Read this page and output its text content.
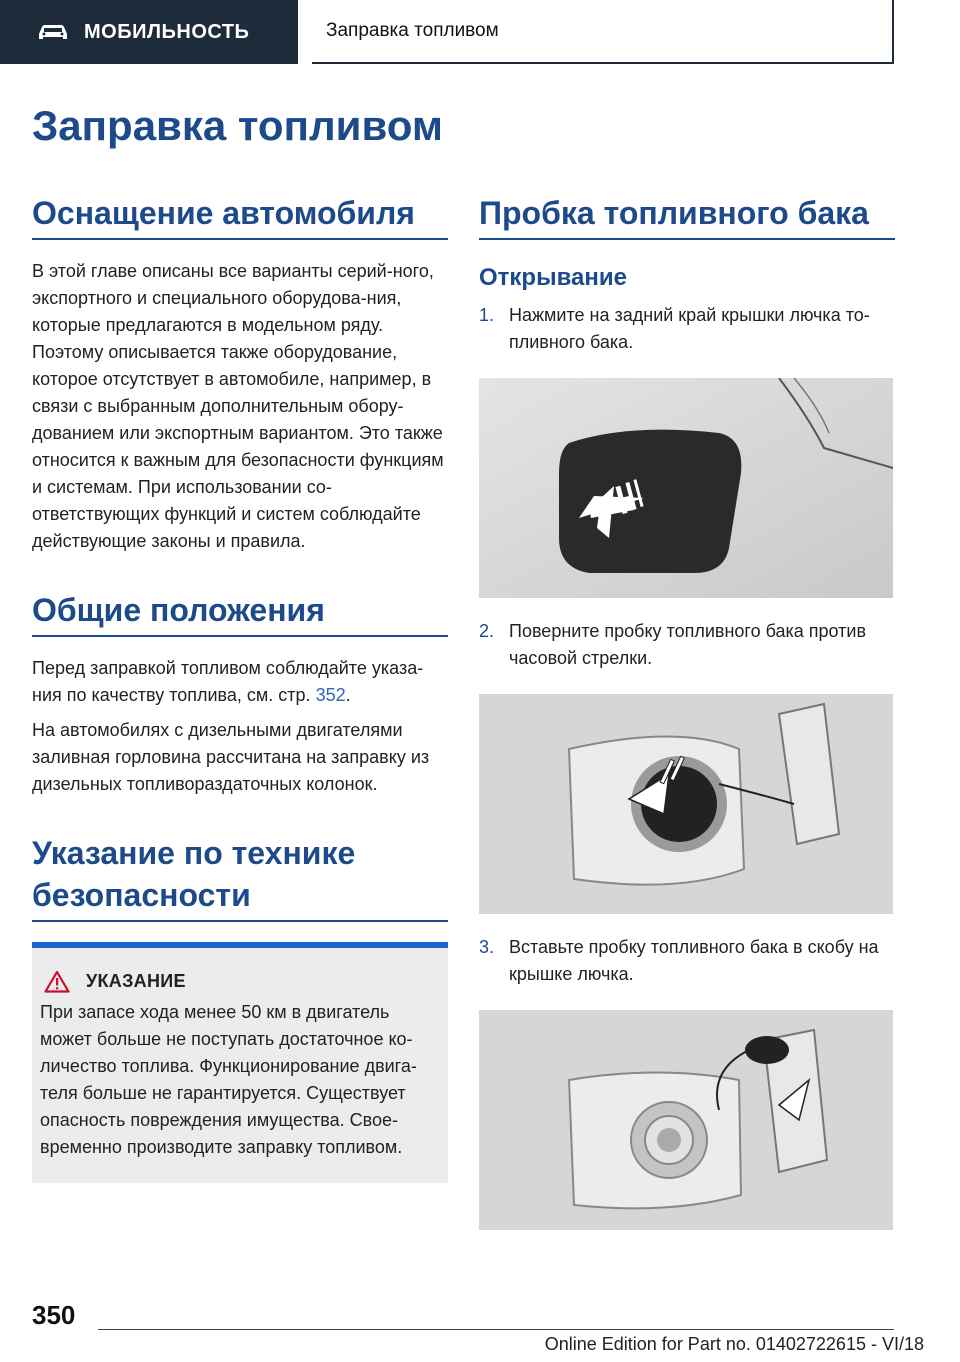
МОБИЛЬНОСТЬ	Заправка топливом
Заправка топливом
Оснащение автомобиля

В этой главе описаны все варианты серий-ного, экспортного и специального оборудова-ния, которые предлагаются в модельном ряду. Поэтому описывается также оборудование, которое отсутствует в автомобиле, например, в связи с выбранным дополнительным обору-дованием или экспортным вариантом. Это также относится к важным для безопасности функциям и системам. При использовании со-ответствующих функций и систем соблюдайте действующие законы и правила.

Общие положения

Перед заправкой топливом соблюдайте указа-ния по качеству топлива, см. стр. 352.

На автомобилях с дизельными двигателями заливная горловина рассчитана на заправку из дизельных топливораздаточных колонок.

Указание по технике
безопасности
УКАЗАНИЕ

При запасе хода менее 50 км в двигатель может больше не поступать достаточное ко-личество топлива. Функционирование двига-теля больше не гарантируется. Существует опасность повреждения имущества. Свое-временно производите заправку топливом.

Пробка топливного бака
Открывание
1. Нажмите на задний край крышки лючка то-пливного бака.
2. Поверните пробку топливного бака против часовой стрелки.
3. Вставьте пробку топливного бака в скобу на крышке лючка.
350
Online Edition for Part no. 01402722615 - VI/18
